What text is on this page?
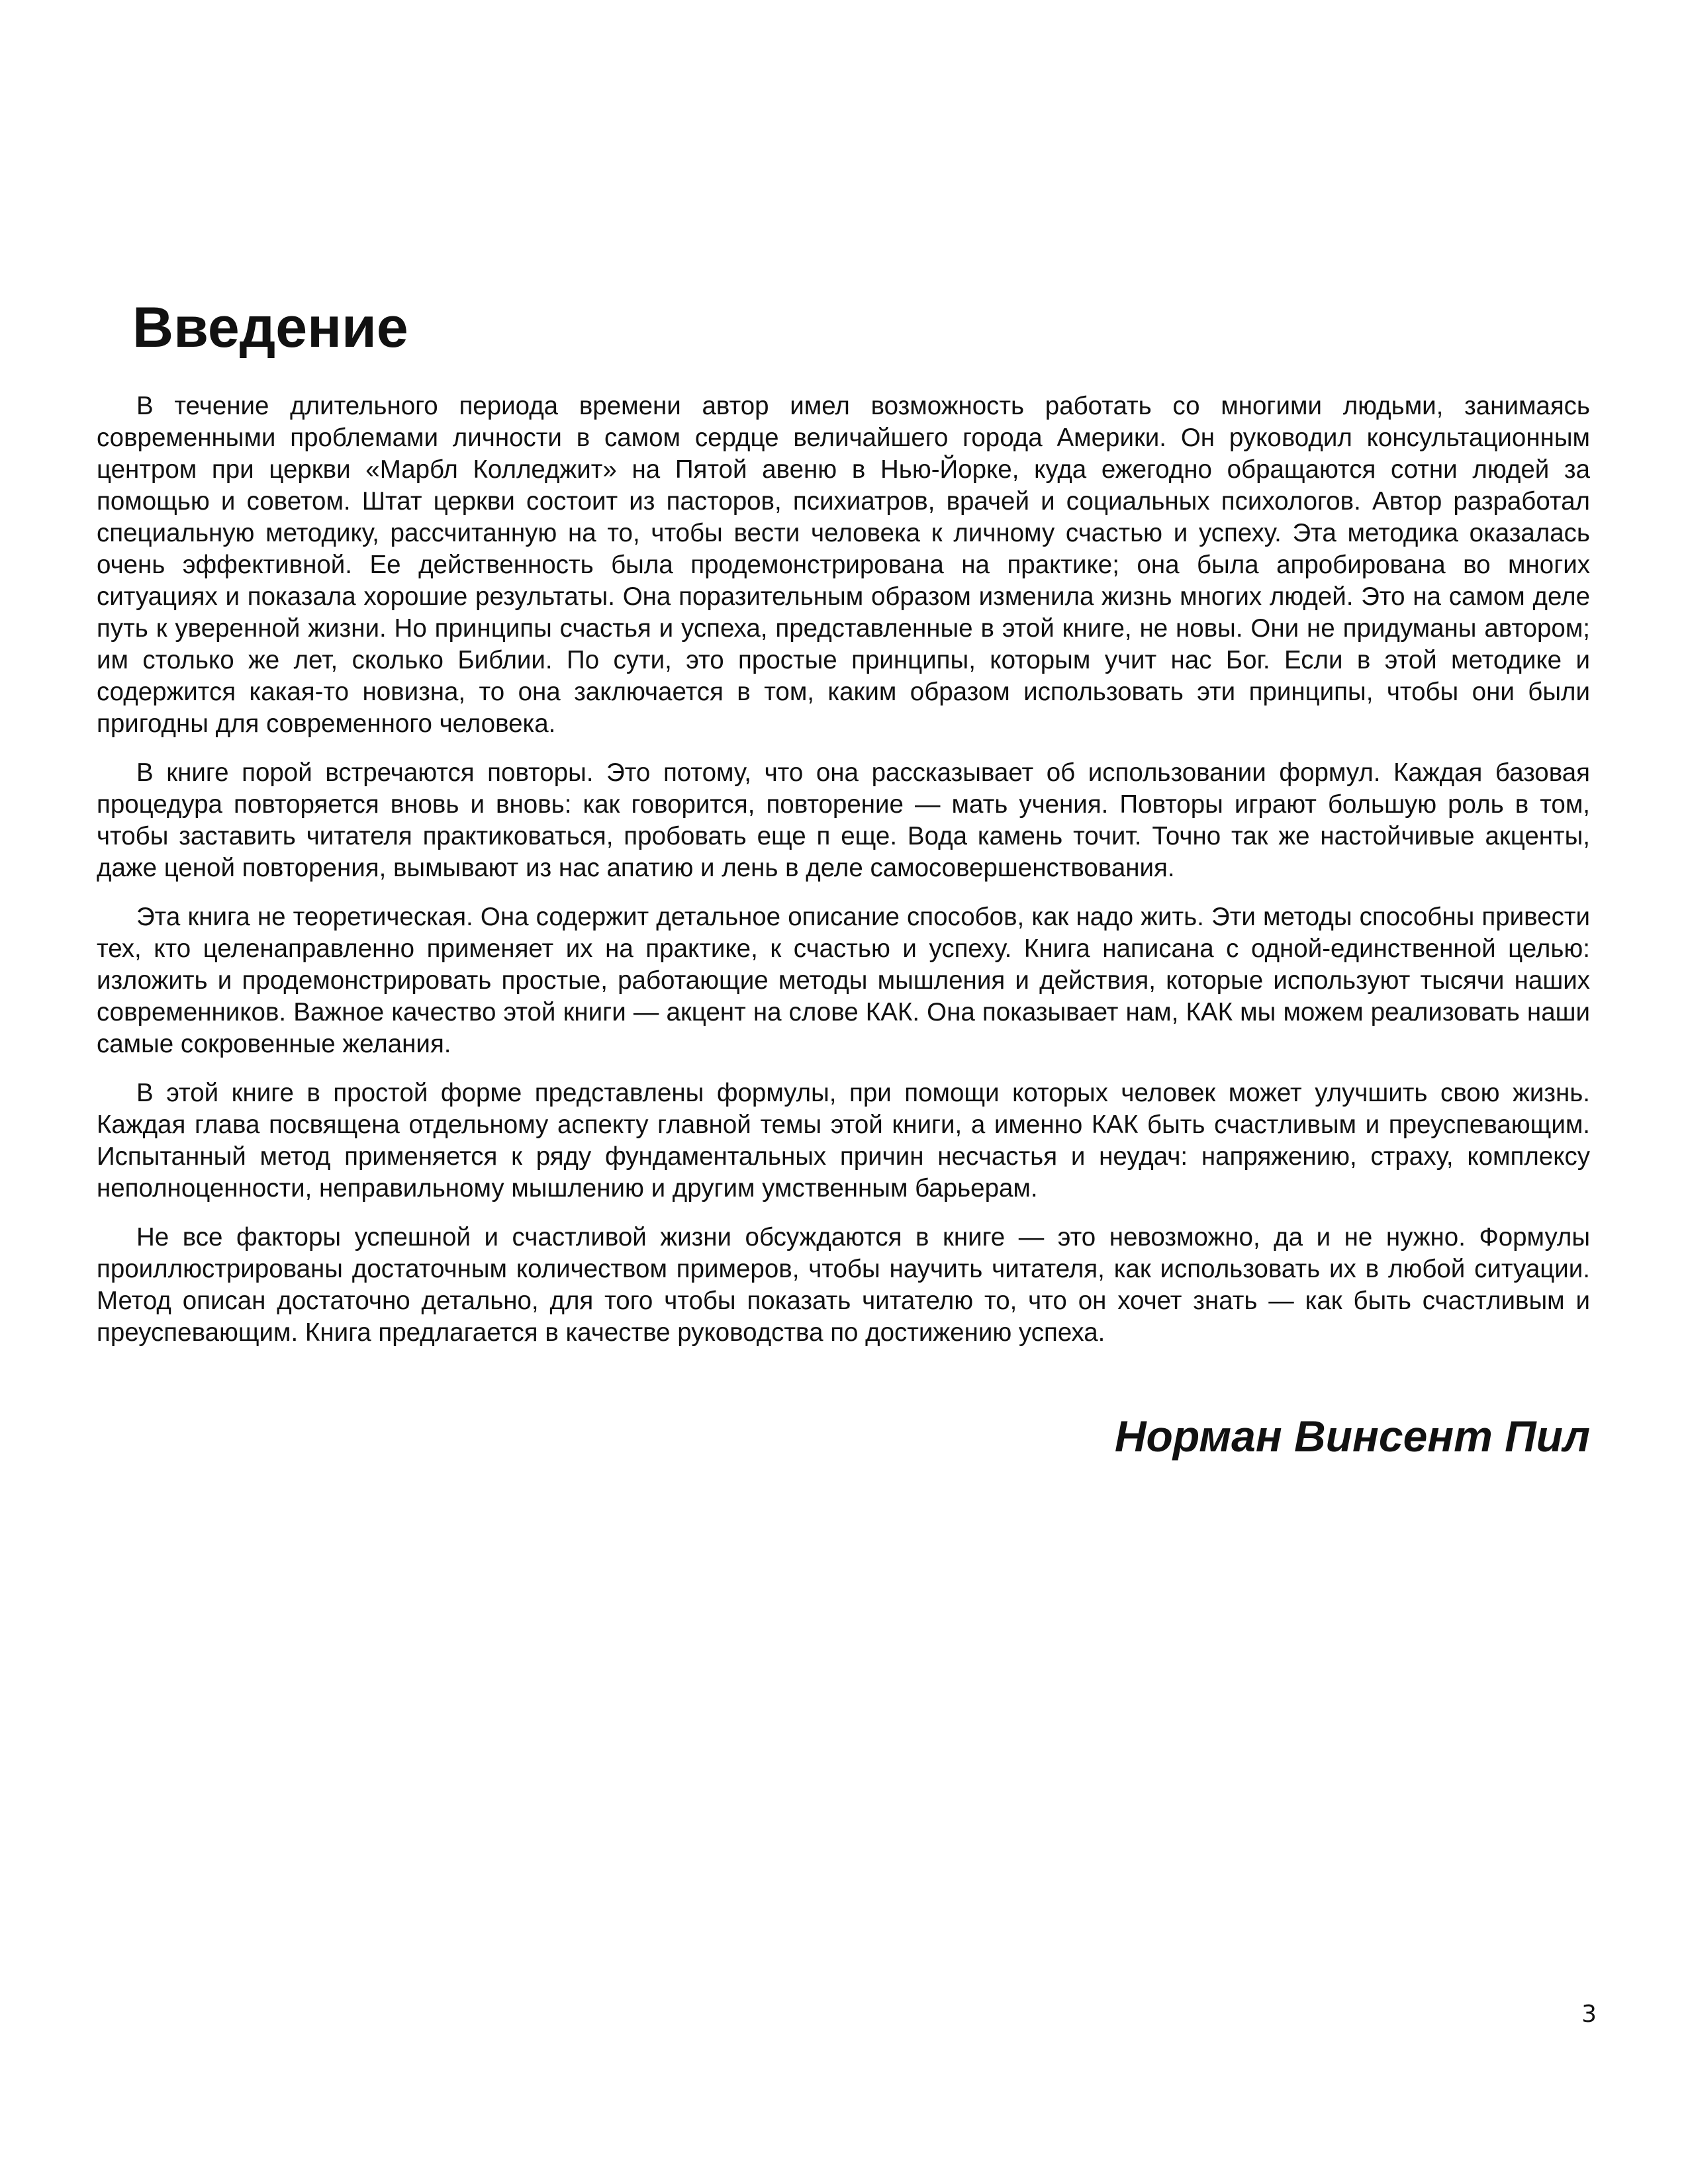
Введение

В течение длительного периода времени автор имел возможность работать со многими людьми, занимаясь современными проблемами личности в самом сердце величайшего города Америки. Он руководил консультационным центром при церкви «Марбл Колледжит» на Пятой авеню в Нью-Йорке, куда ежегодно обращаются сотни людей за помощью и советом. Штат церкви состоит из пасторов, психиатров, врачей и социальных психологов. Автор разработал специальную методику, рассчитанную на то, чтобы вести человека к личному счастью и успеху. Эта методика оказалась очень эффективной. Ее действенность была продемонстрирована на практике; она была апробирована во многих ситуациях и показала хорошие результаты. Она поразительным образом изменила жизнь многих людей. Это на самом деле путь к уверенной жизни. Но принципы счастья и успеха, представленные в этой книге, не новы. Они не придуманы автором; им столько же лет, сколько Библии. По сути, это простые принципы, которым учит нас Бог. Если в этой методике и содержится какая-то новизна, то она заключается в том, каким образом использовать эти принципы, чтобы они были пригодны для современного человека.

В книге порой встречаются повторы. Это потому, что она рассказывает об использовании формул. Каждая базовая процедура повторяется вновь и вновь: как говорится, повторение — мать учения. Повторы играют большую роль в том, чтобы заставить читателя практиковаться, пробовать еще п еще. Вода камень точит. Точно так же настойчивые акценты, даже ценой повторения, вымывают из нас апатию и лень в деле самосовершенствования.

Эта книга не теоретическая. Она содержит детальное описание способов, как надо жить. Эти методы способны привести тех, кто целенаправленно применяет их на практике, к счастью и успеху. Книга написана с одной-единственной целью: изложить и продемонстрировать простые, работающие методы мышления и действия, которые используют тысячи наших современников. Важное качество этой книги — акцент на слове КАК. Она показывает нам, КАК мы можем реализовать наши самые сокровенные желания.

В этой книге в простой форме представлены формулы, при помощи которых человек может улучшить свою жизнь. Каждая глава посвящена отдельному аспекту главной темы этой книги, а именно КАК быть счастливым и преуспевающим. Испытанный метод применяется к ряду фундаментальных причин несчастья и неудач: напряжению, страху, комплексу неполноценности, неправильному мышлению и другим умственным барьерам.

Не все факторы успешной и счастливой жизни обсуждаются в книге — это невозможно, да и не нужно. Формулы проиллюстрированы достаточным количеством примеров, чтобы научить читателя, как использовать их в любой ситуации. Метод описан достаточно детально, для того чтобы показать читателю то, что он хочет знать — как быть счастливым и преуспевающим. Книга предлагается в качестве руководства по достижению успеха.

Норман Винсент Пил

3
